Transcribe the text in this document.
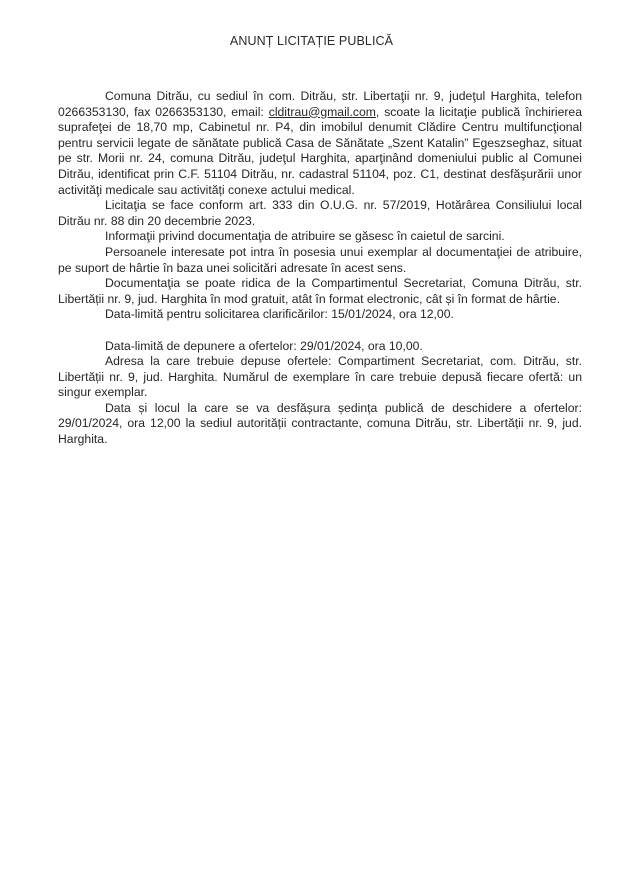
ANUNȚ LICITAȚIE PUBLICĂ

Comuna Ditrău, cu sediul în com. Ditrău, str. Libertaţii nr. 9, judeţul Harghita, telefon 0266353130, fax 0266353130, email: clditrau@gmail.com, scoate la licitaţie publică închirierea suprafeţei de 18,70 mp, Cabinetul nr. P4, din imobilul denumit Clădire Centru multifuncţional pentru servicii legate de sănătate publică Casa de Sănătate „Szent Katalin” Egeszseghaz, situat pe str. Morii nr. 24, comuna Ditrău, judeţul Harghita, aparţinând domeniului public al Comunei Ditrău, identificat prin C.F. 51104 Ditrău, nr. cadastral 51104, poz. C1, destinat desfăşurării unor activităţi medicale sau activități conexe actului medical.

Licitaţia se face conform art. 333 din O.U.G. nr. 57/2019, Hotărârea Consiliului local Ditrău nr. 88 din 20 decembrie 2023.

Informaţii privind documentaţia de atribuire se găsesc în caietul de sarcini.

Persoanele interesate pot intra în posesia unui exemplar al documentaţiei de atribuire, pe suport de hârtie în baza unei solicitări adresate în acest sens.

Documentaţia se poate ridica de la Compartimentul Secretariat, Comuna Ditrău, str. Libertății nr. 9, jud. Harghita în mod gratuit, atât în format electronic, cât și în format de hârtie.

Data-limită pentru solicitarea clarificărilor: 15/01/2024, ora 12,00.

Data-limită de depunere a ofertelor: 29/01/2024, ora 10,00.

Adresa la care trebuie depuse ofertele: Compartiment Secretariat, com. Ditrău, str. Libertății nr. 9, jud. Harghita. Numărul de exemplare în care trebuie depusă fiecare ofertă: un singur exemplar.

Data și locul la care se va desfășura ședința publică de deschidere a ofertelor: 29/01/2024, ora 12,00 la sediul autorității contractante, comuna Ditrău, str. Libertății nr. 9, jud. Harghita.
